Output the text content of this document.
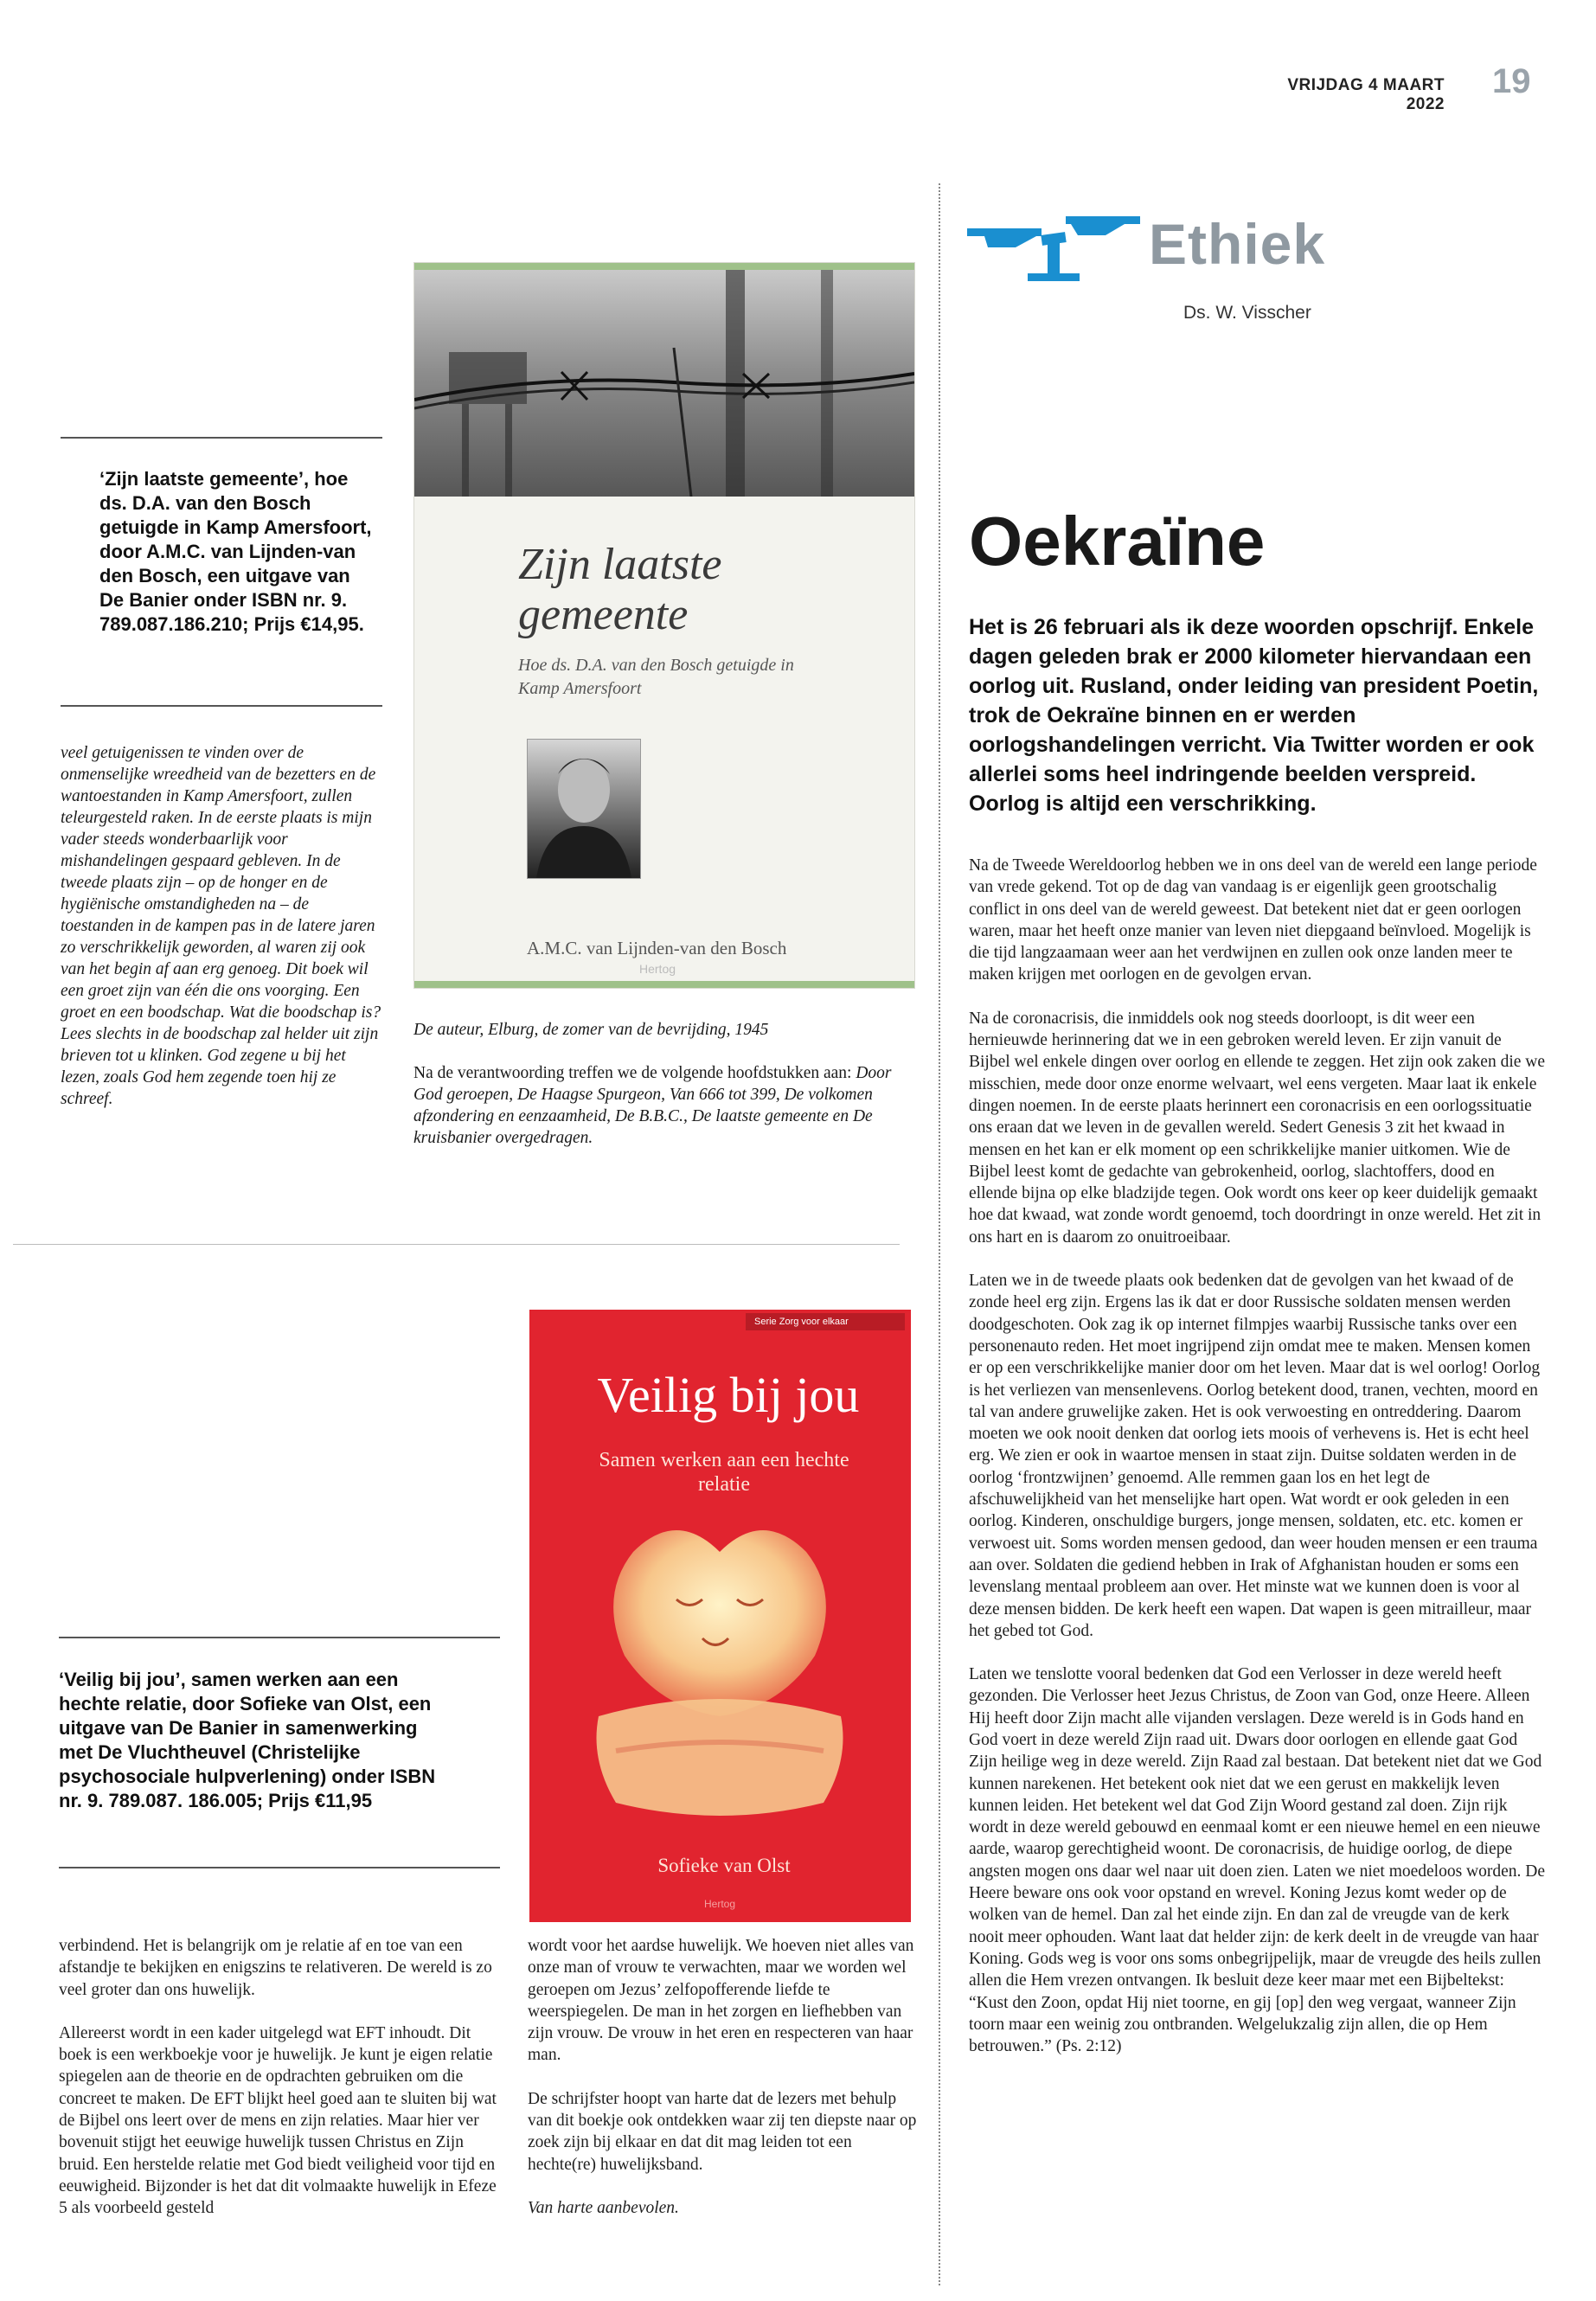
VRIJDAG 4 MAART 2022
19
Ethiek
Ds. W. Visscher
Oekraïne
Het is 26 februari als ik deze woorden opschrijf. Enkele dagen geleden brak er 2000 kilometer hiervandaan een oorlog uit. Rusland, onder leiding van president Poetin, trok de Oekraïne binnen en er werden oorlogshandelingen verricht. Via Twitter worden er ook allerlei soms heel indringende beelden verspreid. Oorlog is altijd een verschrikking.

Na de Tweede Wereldoorlog hebben we in ons deel van de wereld een lange periode van vrede gekend. Tot op de dag van vandaag is er eigenlijk geen grootschalig conflict in ons deel van de wereld geweest. Dat betekent niet dat er geen oorlogen waren, maar het heeft onze manier van leven niet diepgaand beïnvloed. Mogelijk is die tijd langzaamaan weer aan het verdwijnen en zullen ook onze landen meer te maken krijgen met oorlogen en de gevolgen ervan.

Na de coronacrisis, die inmiddels ook nog steeds doorloopt, is dit weer een hernieuwde herinnering dat we in een gebroken wereld leven. Er zijn vanuit de Bijbel wel enkele dingen over oorlog en ellende te zeggen. Het zijn ook zaken die we misschien, mede door onze enorme welvaart, wel eens vergeten. Maar laat ik enkele dingen noemen. In de eerste plaats herinnert een coronacrisis en een oorlogssituatie ons eraan dat we leven in de gevallen wereld. Sedert Genesis 3 zit het kwaad in mensen en het kan er elk moment op een schrikkelijke manier uitkomen. Wie de Bijbel leest komt de gedachte van gebrokenheid, oorlog, slachtoffers, dood en ellende bijna op elke bladzijde tegen. Ook wordt ons keer op keer duidelijk gemaakt hoe dat kwaad, wat zonde wordt genoemd, toch doordringt in onze wereld. Het zit in ons hart en is daarom zo onuitroeibaar.

Laten we in de tweede plaats ook bedenken dat de gevolgen van het kwaad of de zonde heel erg zijn. Ergens las ik dat er door Russische soldaten mensen werden doodgeschoten. Ook zag ik op internet filmpjes waarbij Russische tanks over een personenauto reden. Het moet ingrijpend zijn omdat mee te maken. Mensen komen er op een verschrikkelijke manier door om het leven. Maar dat is wel oorlog! Oorlog is het verliezen van mensenlevens. Oorlog betekent dood, tranen, vechten, moord en tal van andere gruwelijke zaken. Het is ook verwoesting en ontreddering. Daarom moeten we ook nooit denken dat oorlog iets moois of verhevens is. Het is echt heel erg. We zien er ook in waartoe mensen in staat zijn. Duitse soldaten werden in de oorlog ‘frontzwijnen’ genoemd. Alle remmen gaan los en het legt de afschuwelijkheid van het menselijke hart open. Wat wordt er ook geleden in een oorlog. Kinderen, onschuldige burgers, jonge mensen, soldaten, etc. etc. komen er verwoest uit. Soms worden mensen gedood, dan weer houden mensen er een trauma aan over. Soldaten die gediend hebben in Irak of Afghanistan houden er soms een levenslang mentaal probleem aan over. Het minste wat we kunnen doen is voor al deze mensen bidden. De kerk heeft een wapen. Dat wapen is geen mitrailleur, maar het gebed tot God.

Laten we tenslotte vooral bedenken dat God een Verlosser in deze wereld heeft gezonden. Die Verlosser heet Jezus Christus, de Zoon van God, onze Heere. Alleen Hij heeft door Zijn macht alle vijanden verslagen. Deze wereld is in Gods hand en God voert in deze wereld Zijn raad uit. Dwars door oorlogen en ellende gaat God Zijn heilige weg in deze wereld. Zijn Raad zal bestaan. Dat betekent niet dat we God kunnen narekenen. Het betekent ook niet dat we een gerust en makkelijk leven kunnen leiden. Het betekent wel dat God Zijn Woord gestand zal doen. Zijn rijk wordt in deze wereld gebouwd en eenmaal komt er een nieuwe hemel en een nieuwe aarde, waarop gerechtigheid woont. De coronacrisis, de huidige oorlog, de diepe angsten mogen ons daar wel naar uit doen zien. Laten we niet moedeloos worden. De Heere beware ons ook voor opstand en wrevel. Koning Jezus komt weder op de wolken van de hemel. Dan zal het einde zijn. En dan zal de vreugde van de kerk nooit meer ophouden. Want laat dat helder zijn: de kerk deelt in de vreugde van haar Koning. Gods weg is voor ons soms onbegrijpelijk, maar de vreugde des heils zullen allen die Hem vrezen ontvangen. Ik besluit deze keer maar met een Bijbeltekst: “Kust den Zoon, opdat Hij niet toorne, en gij [op] den weg vergaat, wanneer Zijn toorn maar een weinig zou ontbranden. Welgelukzalig zijn allen, die op Hem betrouwen.” (Ps. 2:12)

‘Zijn laatste gemeente’, hoe ds. D.A. van den Bosch getuigde in Kamp Amersfoort, door A.M.C. van Lijnden-van den Bosch, een uitgave van De Banier onder ISBN nr. 9. 789.087.186.210; Prijs €14,95.
veel getuigenissen te vinden over de onmenselijke wreedheid van de bezetters en de wantoestanden in Kamp Amersfoort, zullen teleurgesteld raken. In de eerste plaats is mijn vader steeds wonderbaarlijk voor mishandelingen gespaard gebleven. In de tweede plaats zijn – op de honger en de hygiënische omstandigheden na – de toestanden in de kampen pas in de latere jaren zo verschrikkelijk geworden, al waren zij ook van het begin af aan erg genoeg. Dit boek wil een groet zijn van één die ons voorging. Een groet en een boodschap. Wat die boodschap is? Lees slechts in de boodschap zal helder uit zijn brieven tot u klinken. God zegene u bij het lezen, zoals God hem zegende toen hij ze schreef.
Zijn laatste gemeente
Hoe ds. D.A. van den Bosch getuigde in Kamp Amersfoort
A.M.C. van Lijnden-van den Bosch
Hertog
De auteur, Elburg, de zomer van de bevrijding, 1945
Na de verantwoording treffen we de volgende hoofdstukken aan: Door God geroepen, De Haagse Spurgeon, Van 666 tot 399, De volkomen afzondering en eenzaamheid, De B.B.C., De laatste gemeente en De kruisbanier overgedragen.
‘Veilig bij jou’, samen werken aan een hechte relatie, door Sofieke van Olst, een uitgave van De Banier in samenwerking met De Vluchtheuvel (Christelijke psychosociale hulpverlening) onder ISBN nr. 9. 789.087. 186.005; Prijs €11,95
Serie Zorg voor elkaar
Veilig bij jou
Samen werken aan een hechte relatie
Sofieke van Olst
Hertog

verbindend. Het is belangrijk om je relatie af en toe van een afstandje te bekijken en enigszins te relativeren. De wereld is zo veel groter dan ons huwelijk.

Allereerst wordt in een kader uitgelegd wat EFT inhoudt. Dit boek is een werkboekje voor je huwelijk. Je kunt je eigen relatie spiegelen aan de theorie en de opdrachten gebruiken om die concreet te maken. De EFT blijkt heel goed aan te sluiten bij wat de Bijbel ons leert over de mens en zijn relaties. Maar hier ver bovenuit stijgt het eeuwige huwelijk tussen Christus en Zijn bruid. Een herstelde relatie met God biedt veiligheid voor tijd en eeuwigheid. Bijzonder is het dat dit volmaakte huwelijk in Efeze 5 als voorbeeld gesteld

wordt voor het aardse huwelijk. We hoeven niet alles van onze man of vrouw te verwachten, maar we worden wel geroepen om Jezus’ zelfopofferende liefde te weerspiegelen. De man in het zorgen en liefhebben van zijn vrouw. De vrouw in het eren en respecteren van haar man.

De schrijfster hoopt van harte dat de lezers met behulp van dit boekje ook ontdekken waar zij ten diepste naar op zoek zijn bij elkaar en dat dit mag leiden tot een hechte(re) huwelijksband.

Van harte aanbevolen.
